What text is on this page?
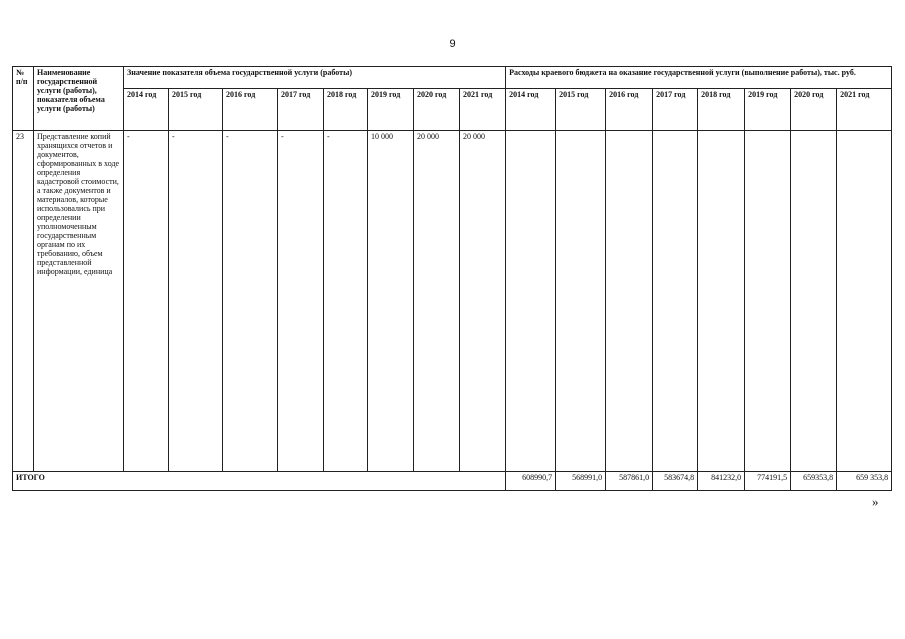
9
№ п/п	Наименование государственной услуги (работы), показателя объема услуги (работы)	Значение показателя объема государственной услуги (работы)								Расходы краевого бюджета на оказание государственной услуги (выполнение работы), тыс. руб.							
		2014 год	2015 год	2016 год	2017 год	2018 год	2019 год	2020 год	2021 год	2014 год	2015 год	2016 год	2017 год	2018 год	2019 год	2020 год	2021 год
23	Представление копий хранящихся отчетов и документов, сформированных в ходе определения кадастровой стоимости, а также документов и материалов, которые использовались при определении уполномоченным государственным органам по их требованию, объем представленной информации, единица	-	-	-	-	-	10 000	20 000	20 000								
ИТОГО										608990,7	568991,0	587861,0	583674,8	841232,0	774191,5	659353,8	659 353,8
»
